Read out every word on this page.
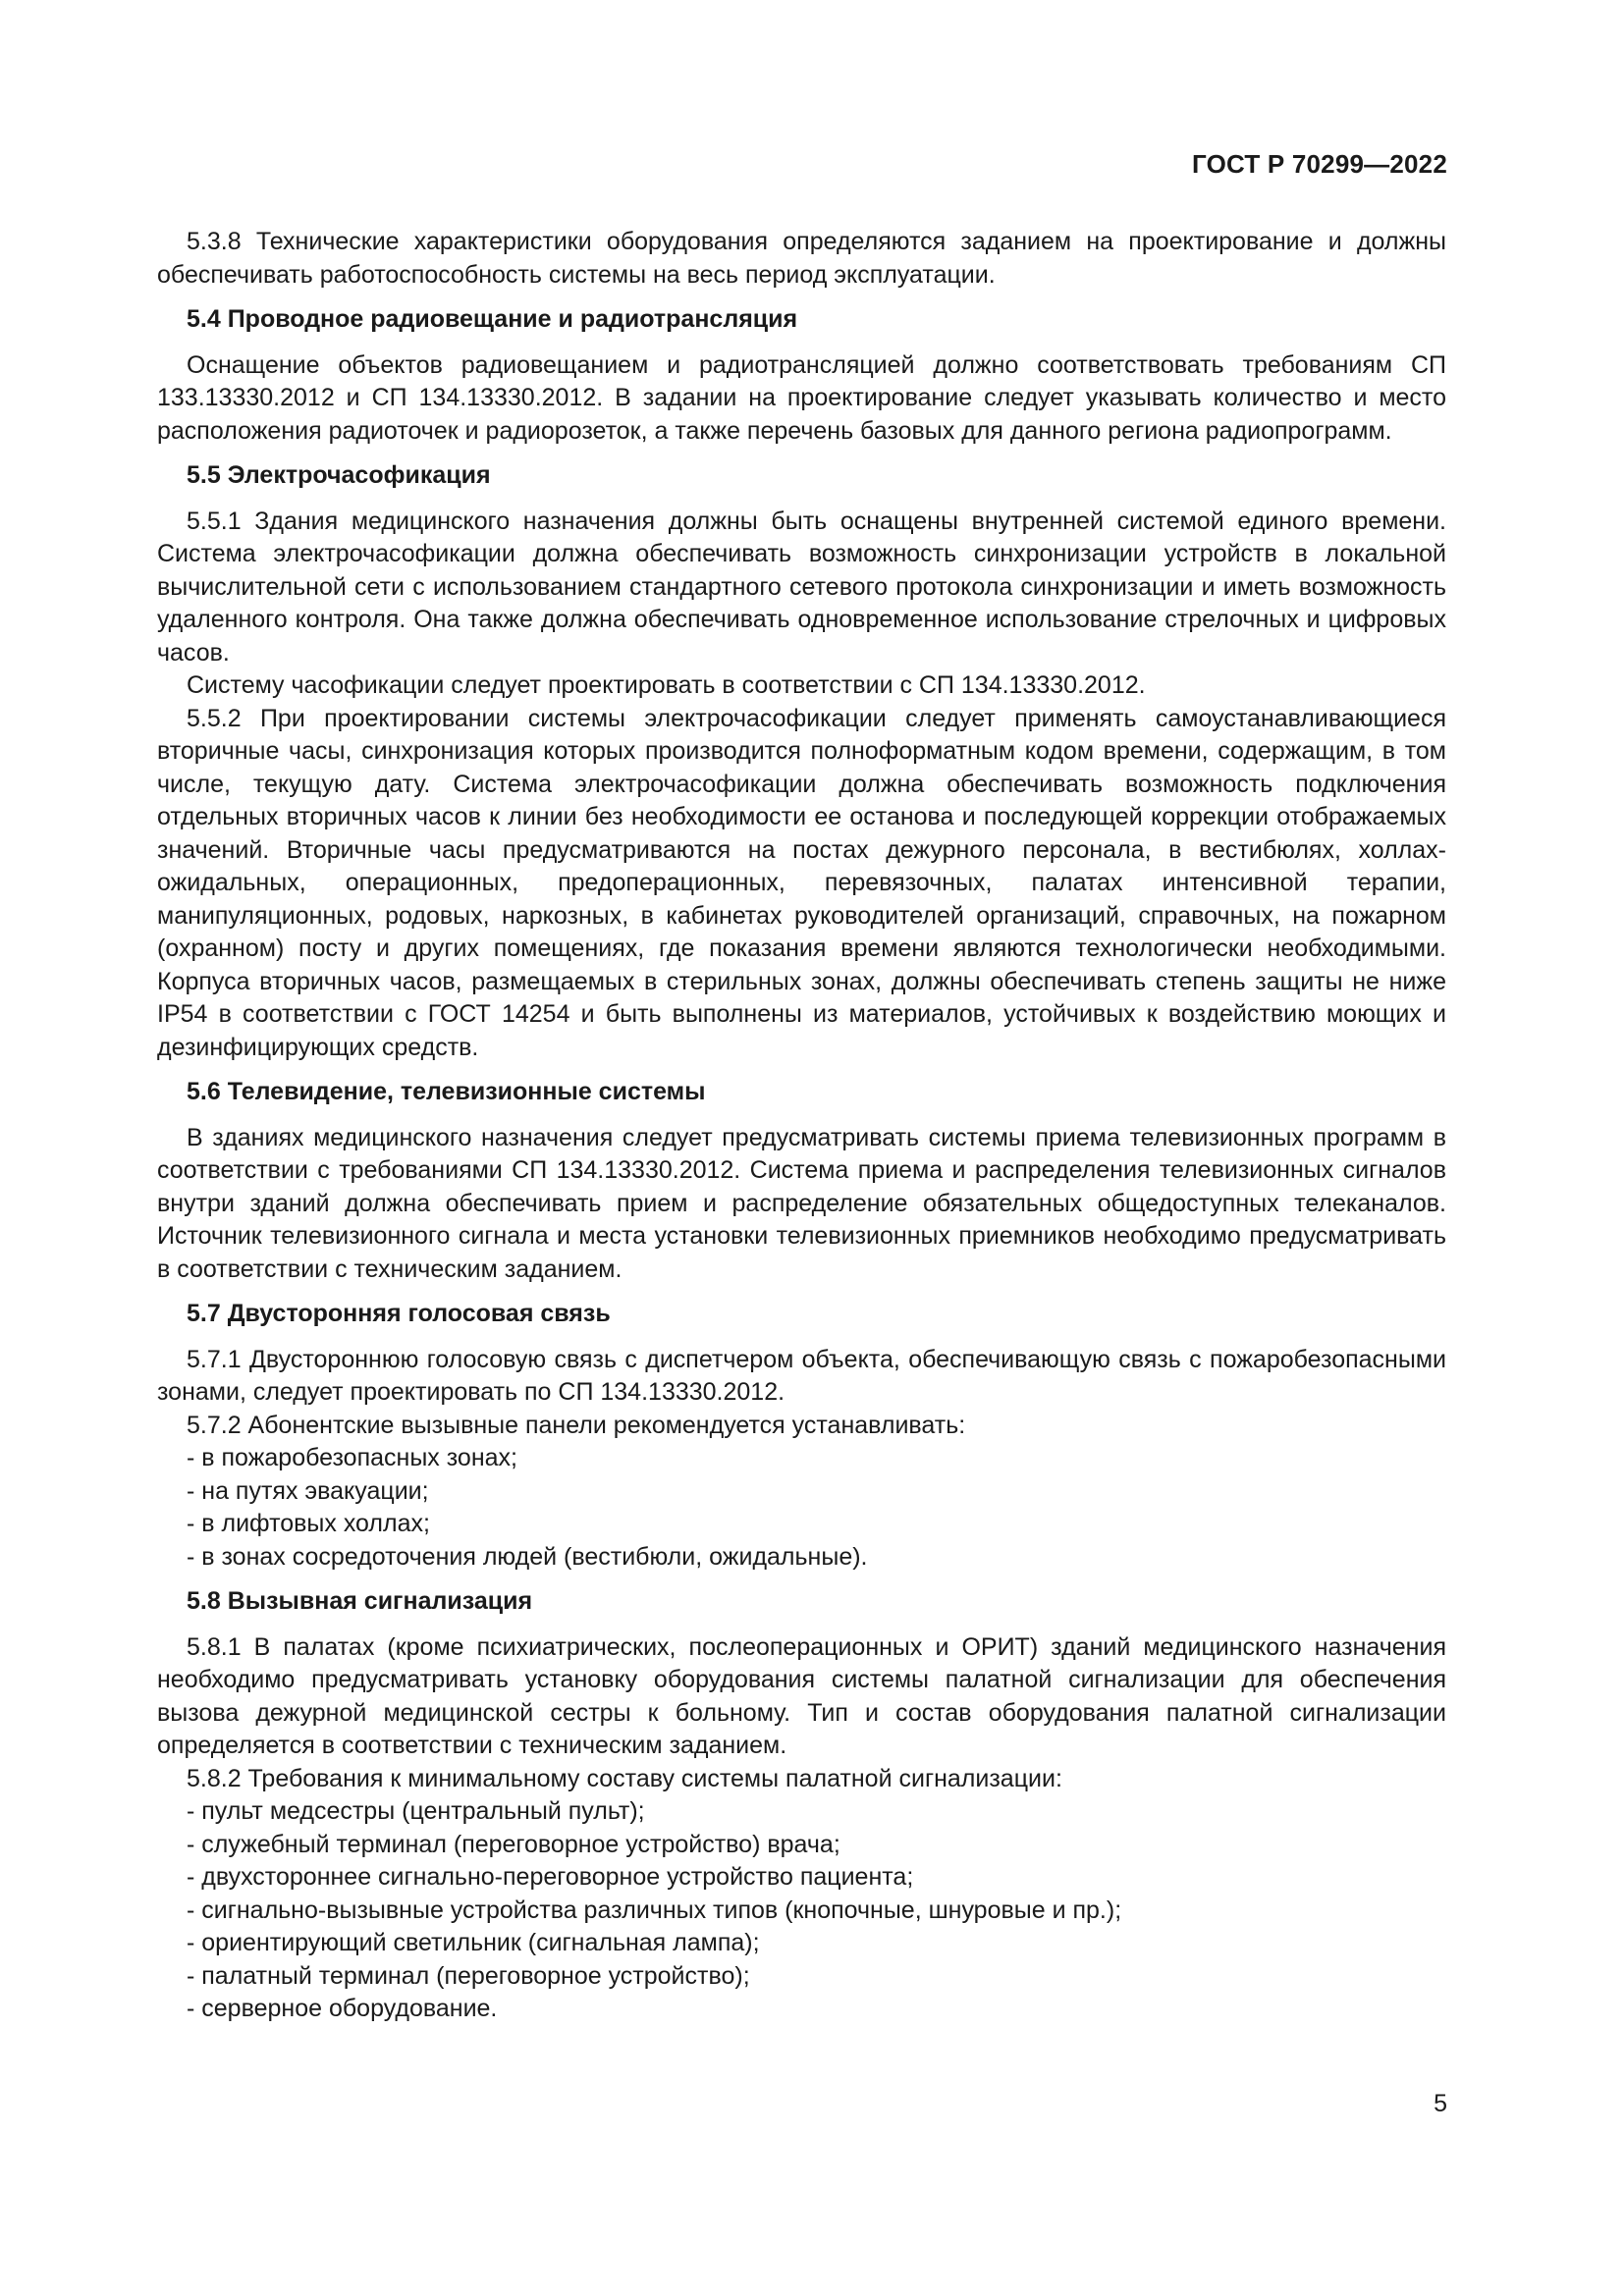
ГОСТ Р 70299—2022

5.3.8 Технические характеристики оборудования определяются заданием на проектирование и должны обеспечивать работоспособность системы на весь период эксплуатации.

5.4 Проводное радиовещание и радиотрансляция

Оснащение объектов радиовещанием и радиотрансляцией должно соответствовать требованиям СП 133.13330.2012 и СП 134.13330.2012. В задании на проектирование следует указывать количество и место расположения радиоточек и радиорозеток, а также перечень базовых для данного региона радиопрограмм.

5.5 Электрочасофикация

5.5.1 Здания медицинского назначения должны быть оснащены внутренней системой единого времени. Система электрочасофикации должна обеспечивать возможность синхронизации устройств в локальной вычислительной сети с использованием стандартного сетевого протокола синхронизации и иметь возможность удаленного контроля. Она также должна обеспечивать одновременное использование стрелочных и цифровых часов.

Систему часофикации следует проектировать в соответствии с СП 134.13330.2012.

5.5.2 При проектировании системы электрочасофикации следует применять самоустанавливающиеся вторичные часы, синхронизация которых производится полноформатным кодом времени, содержащим, в том числе, текущую дату. Система электрочасофикации должна обеспечивать возможность подключения отдельных вторичных часов к линии без необходимости ее останова и последующей коррекции отображаемых значений. Вторичные часы предусматриваются на постах дежурного персонала, в вестибюлях, холлах-ожидальных, операционных, предоперационных, перевязочных, палатах интенсивной терапии, манипуляционных, родовых, наркозных, в кабинетах руководителей организаций, справочных, на пожарном (охранном) посту и других помещениях, где показания времени являются технологически необходимыми. Корпуса вторичных часов, размещаемых в стерильных зонах, должны обеспечивать степень защиты не ниже IP54 в соответствии с ГОСТ 14254 и быть выполнены из материалов, устойчивых к воздействию моющих и дезинфицирующих средств.

5.6 Телевидение, телевизионные системы

В зданиях медицинского назначения следует предусматривать системы приема телевизионных программ в соответствии с требованиями СП 134.13330.2012. Система приема и распределения телевизионных сигналов внутри зданий должна обеспечивать прием и распределение обязательных общедоступных телеканалов. Источник телевизионного сигнала и места установки телевизионных приемников необходимо предусматривать в соответствии с техническим заданием.

5.7 Двусторонняя голосовая связь

5.7.1 Двустороннюю голосовую связь с диспетчером объекта, обеспечивающую связь с пожаробезопасными зонами, следует проектировать по СП 134.13330.2012.

5.7.2 Абонентские вызывные панели рекомендуется устанавливать:

- в пожаробезопасных зонах;
- на путях эвакуации;
- в лифтовых холлах;
- в зонах сосредоточения людей (вестибюли, ожидальные).
5.8 Вызывная сигнализация

5.8.1 В палатах (кроме психиатрических, послеоперационных и ОРИТ) зданий медицинского назначения необходимо предусматривать установку оборудования системы палатной сигнализации для обеспечения вызова дежурной медицинской сестры к больному. Тип и состав оборудования палатной сигнализации определяется в соответствии с техническим заданием.

5.8.2 Требования к минимальному составу системы палатной сигнализации:

- пульт медсестры (центральный пульт);
- служебный терминал (переговорное устройство) врача;
- двухстороннее сигнально-переговорное устройство пациента;
- сигнально-вызывные устройства различных типов (кнопочные, шнуровые и пр.);
- ориентирующий светильник (сигнальная лампа);
- палатный терминал (переговорное устройство);
- серверное оборудование.
5
